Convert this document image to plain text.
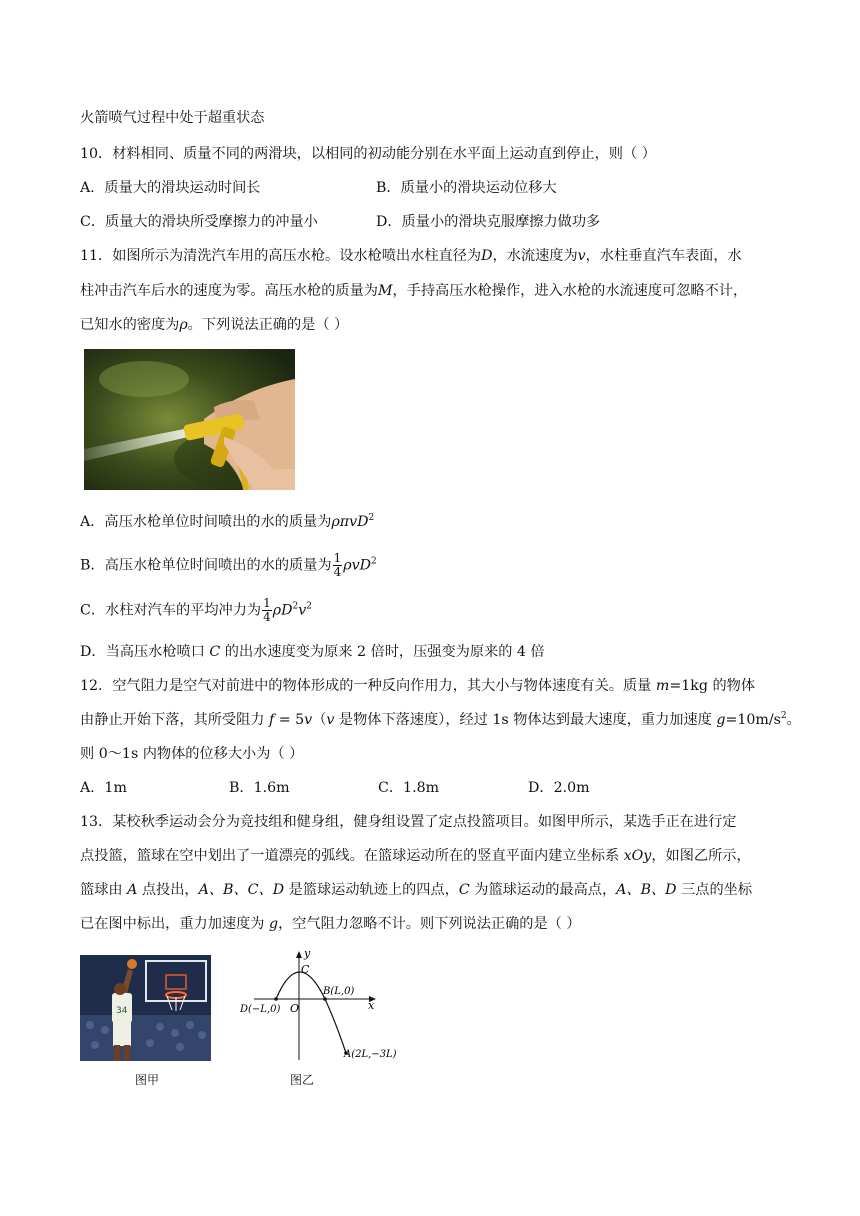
火箭喷气过程中处于超重状态
10．材料相同、质量不同的两滑块，以相同的初动能分别在水平面上运动直到停止，则（ ）
A．质量大的滑块运动时间长	B．质量小的滑块运动位移大
C．质量大的滑块所受摩擦力的冲量小	D．质量小的滑块克服摩擦力做功多
11．如图所示为清洗汽车用的高压水枪。设水枪喷出水柱直径为D，水流速度为v，水柱垂直汽车表面，水
柱冲击汽车后水的速度为零。高压水枪的质量为M，手持高压水枪操作，进入水枪的水流速度可忽略不计，
已知水的密度为ρ。下列说法正确的是（ ）
A．高压水枪单位时间喷出的水的质量为ρπvD$^2$
B．高压水枪单位时间喷出的水的质量为 $\frac{1}{4} \rho vD^2$
C．水柱对汽车的平均冲力为 $\frac{1}{4} \rho D^2v^2$
D．当高压水枪喷口 C 的出水速度变为原来 2 倍时，压强变为原来的 4 倍
12．空气阻力是空气对前进中的物体形成的一种反向作用力，其大小与物体速度有关。质量 m=1kg 的物体
由静止开始下落，其所受阻力 f = 5v（v 是物体下落速度），经过 1s 物体达到最大速度，重力加速度 $g=10m/s^2$。
则 0～1s 内物体的位移大小为（ ）
A．1m	B．1.6m	C．1.8m	D．2.0m
13．某校秋季运动会分为竞技组和健身组，健身组设置了定点投篮项目。如图甲所示，某选手正在进行定
点投篮，篮球在空中划出了一道漂亮的弧线。在篮球运动所在的竖直平面内建立坐标系 xOy，如图乙所示，
篮球由 A 点投出，A、B、C、D 是篮球运动轨迹上的四点，C 为篮球运动的最高点，A、B、D 三点的坐标
已在图中标出，重力加速度为 g，空气阻力忽略不计。则下列说法正确的是（ ）
34
图甲
y
x
C
O
B(L,0)
D(−L,0)
A(2L,−3L)
图乙
